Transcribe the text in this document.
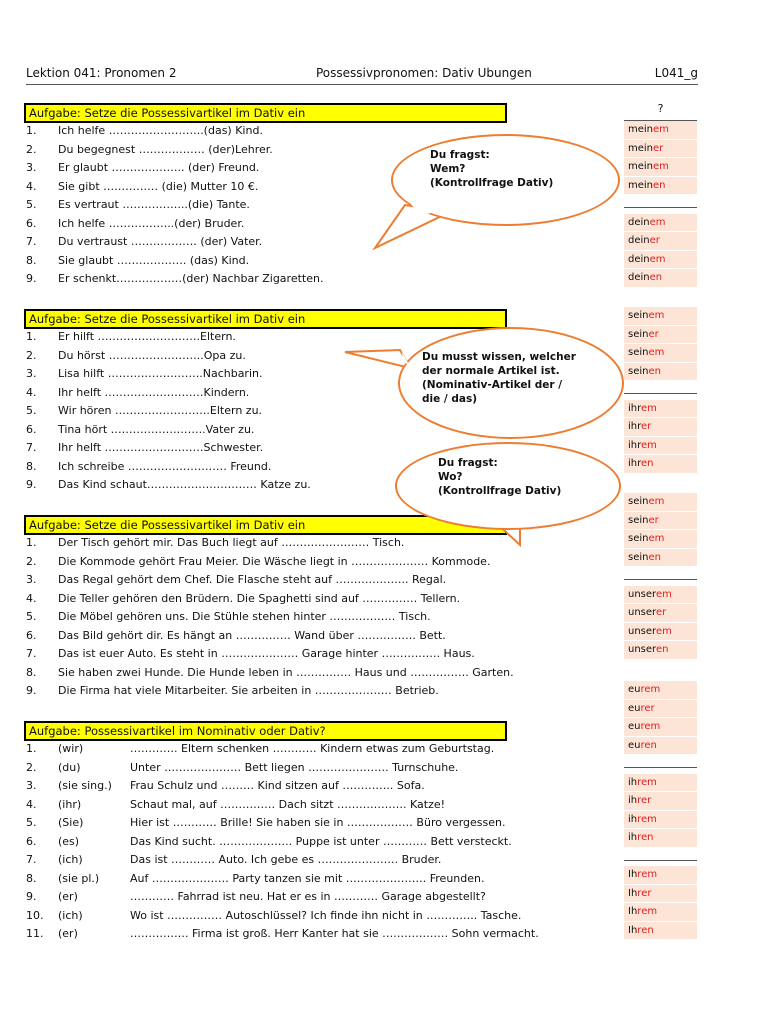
Lektion 041: Pronomen 2	Possessivpronomen: Dativ Ubungen	L041_g
Aufgabe: Setze die Possessivartikel im Dativ ein
1.	Ich helfe ……………………..(das) Kind.
2.	Du begegnest ……………… (der)Lehrer.
3.	Er glaubt ……………….. (der) Freund.
4.	Sie gibt …………… (die) Mutter 10 €.
5.	Es vertraut ……………...(die) Tante.
6.	Ich helfe ……………...(der) Bruder.
7.	Du vertraust ……………… (der) Vater.
8.	Sie glaubt ………………. (das) Kind.
9.	Er schenkt………………(der) Nachbar Zigaretten.
Aufgabe: Setze die Possessivartikel im Dativ ein
1.	Er hilft ……………………….Eltern.
2.	Du hörst ……………………..Opa zu.
3.	Lisa hilft ……………………..Nachbarin.
4.	Ihr helft ………………………Kindern.
5.	Wir hören ……………………..Eltern zu.
6.	Tina hört ……………………..Vater zu.
7.	Ihr helft ………………………Schwester.
8.	Ich schreibe ……………………… Freund.
9.	Das Kind schaut………………………… Katze zu.
Aufgabe: Setze die Possessivartikel im Dativ ein
1.	Der Tisch gehört mir. Das Buch liegt auf …………………… Tisch.
2.	Die Kommode gehört Frau Meier. Die Wäsche liegt in ………………… Kommode.
3.	Das Regal gehört dem Chef. Die Flasche steht auf ……………….. Regal.
4.	Die Teller gehören den Brüdern. Die Spaghetti sind auf …………… Tellern.
5.	Die Möbel gehören uns. Die Stühle stehen hinter ……………… Tisch.
6.	Das Bild gehört dir. Es hängt an …………… Wand über ……………. Bett.
7.	Das ist euer Auto. Es steht in ………………… Garage hinter ……………. Haus.
8.	Sie haben zwei Hunde. Die Hunde leben in …………… Haus und ……………. Garten.
9.	Die Firma hat viele Mitarbeiter. Sie arbeiten in ………………… Betrieb.
Aufgabe: Possessivartikel im Nominativ oder Dativ?
1.	(wir)	…………. Eltern schenken ………… Kindern etwas zum Geburtstag.
2.	(du)	Unter ………………… Bett liegen …………………. Turnschuhe.
3.	(sie sing.) Frau Schulz und ……… Kind sitzen auf ………….. Sofa.
4.	(ihr)	Schaut mal, auf …………… Dach sitzt ………………. Katze!
5.	(Sie)	Hier ist ………… Brille! Sie haben sie in ……………… Büro vergessen.
6.	(es)	Das Kind sucht. ……………….. Puppe ist unter ………… Bett versteckt.
7.	(ich)	Das ist ………… Auto. Ich gebe es …………………. Bruder.
8.	(sie pl.)	Auf ………………… Party tanzen sie mit …………………. Freunden.
9.	(er)	………… Fahrrad ist neu. Hat er es in ………… Garage abgestellt?
10.	(ich)	Wo ist …………… Autoschlüssel? Ich finde ihn nicht in ………….. Tasche.
11.	(er)	……………. Firma ist groß. Herr Kanter hat sie ……………… Sohn vermacht.
?
Du fragst:
Wem?
(Kontrollfrage Dativ)
Du musst wissen, welcher
der normale Artikel ist.
(Nominativ-Artikel der /
die / das)
Du fragst:
Wo?
(Kontrollfrage Dativ)
meinem
meiner
meinem
meinen
deinem
deiner
deinem
deinen
seinem
seiner
seinem
seinen
ihrem
ihrer
ihrem
ihren
seinem
seiner
seinem
seinen
unserem
unserer
unserem
unseren
eurem
eurer
eurem
euren
ihrem
ihrer
ihrem
ihren
Ihrem
Ihrer
Ihrem
Ihren
